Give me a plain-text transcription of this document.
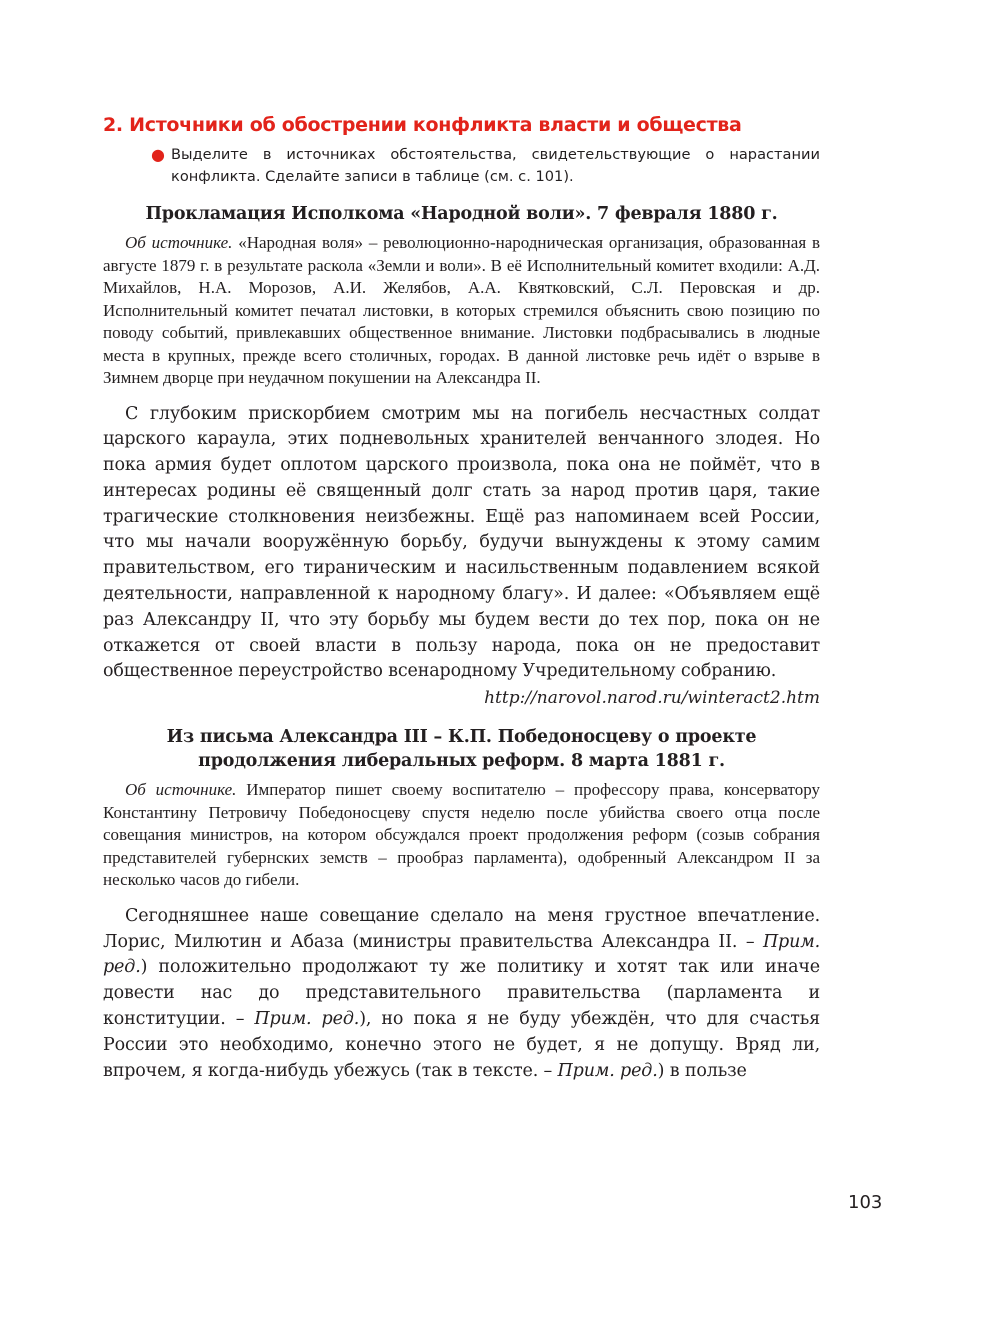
2. Источники об обострении конфликта власти и общества

● Выделите в источниках обстоятельства, свидетельствующие о нарастании конфликта. Сделайте записи в таблице (см. с. 101).

Прокламация Исполкома «Народной воли». 7 февраля 1880 г.

Об источнике. «Народная воля» – революционно-народническая организация, образованная в августе 1879 г. в результате раскола «Земли и воли». В её Исполнительный комитет входили: А.Д. Михайлов, Н.А. Морозов, А.И. Желябов, А.А. Квятковский, С.Л. Перовская и др. Исполнительный комитет печатал листовки, в которых стремился объяснить свою позицию по поводу событий, привлекавших общественное внимание. Листовки подбрасывались в людные места в крупных, прежде всего столичных, городах. В данной листовке речь идёт о взрыве в Зимнем дворце при неудачном покушении на Александра II.

С глубоким прискорбием смотрим мы на погибель несчастных солдат царского караула, этих подневольных хранителей венчанного злодея. Но пока армия будет оплотом царского произвола, пока она не поймёт, что в интересах родины её священный долг стать за народ против царя, такие трагические столкновения неизбежны. Ещё раз напоминаем всей России, что мы начали вооружённую борьбу, будучи вынуждены к этому самим правительством, его тираническим и насильственным подавлением всякой деятельности, направленной к народному благу». И далее: «Объявляем ещё раз Александру II, что эту борьбу мы будем вести до тех пор, пока он не откажется от своей власти в пользу народа, пока он не предоставит общественное переустройство всенародному Учредительному собранию.

http://narovol.narod.ru/winteract2.htm

Из письма Александра III – К.П. Победоносцеву о проекте
продолжения либеральных реформ. 8 марта 1881 г.

Об источнике. Император пишет своему воспитателю – профессору права, консерватору Константину Петровичу Победоносцеву спустя неделю после убийства своего отца после совещания министров, на котором обсуждался проект продолжения реформ (созыв собрания представителей губернских земств – прообраз парламента), одобренный Александром II за несколько часов до гибели.

Сегодняшнее наше совещание сделало на меня грустное впечатление. Лорис, Милютин и Абаза (министры правительства Александра II. – Прим. ред.) положительно продолжают ту же политику и хотят так или иначе довести нас до представительного правительства (парламента и конституции. – Прим. ред.), но пока я не буду убеждён, что для счастья России это необходимо, конечно этого не будет, я не допущу. Вряд ли, впрочем, я когда-нибудь убежусь (так в тексте. – Прим. ред.) в пользе

103
